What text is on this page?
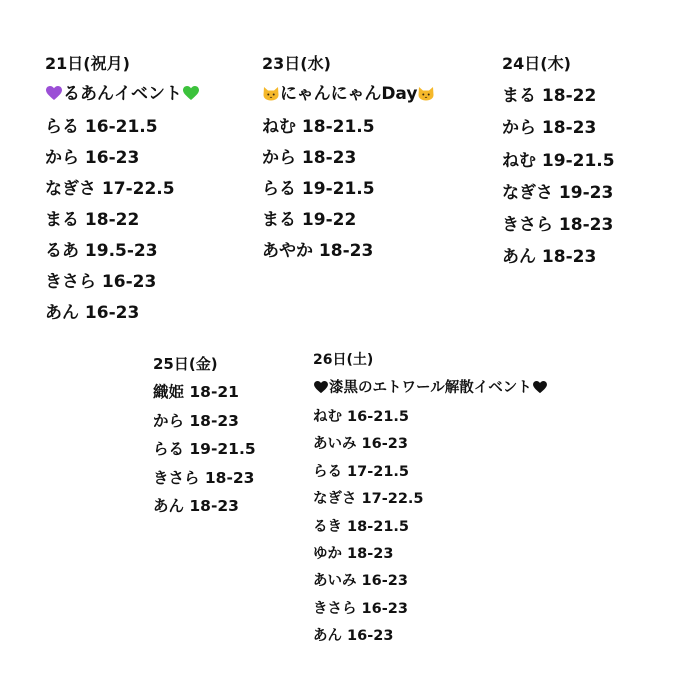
21日(祝月)
るあんイベント
らる 16-21.5
から 16-23
なぎさ 17-22.5
まる 18-22
るあ 19.5-23
きさら 16-23
あん 16-23
23日(水)
にゃんにゃんDay
ねむ 18-21.5
から 18-23
らる 19-21.5
まる 19-22
あやか 18-23
24日(木)
まる 18-22
から 18-23
ねむ 19-21.5
なぎさ 19-23
きさら 18-23
あん 18-23
25日(金)
織姫 18-21
から 18-23
らる 19-21.5
きさら 18-23
あん 18-23
26日(土)
漆黒のエトワール解散イベント
ねむ 16-21.5
あいみ 16-23
らる 17-21.5
なぎさ 17-22.5
るき 18-21.5
ゆか 18-23
あいみ 16-23
きさら 16-23
あん 16-23
